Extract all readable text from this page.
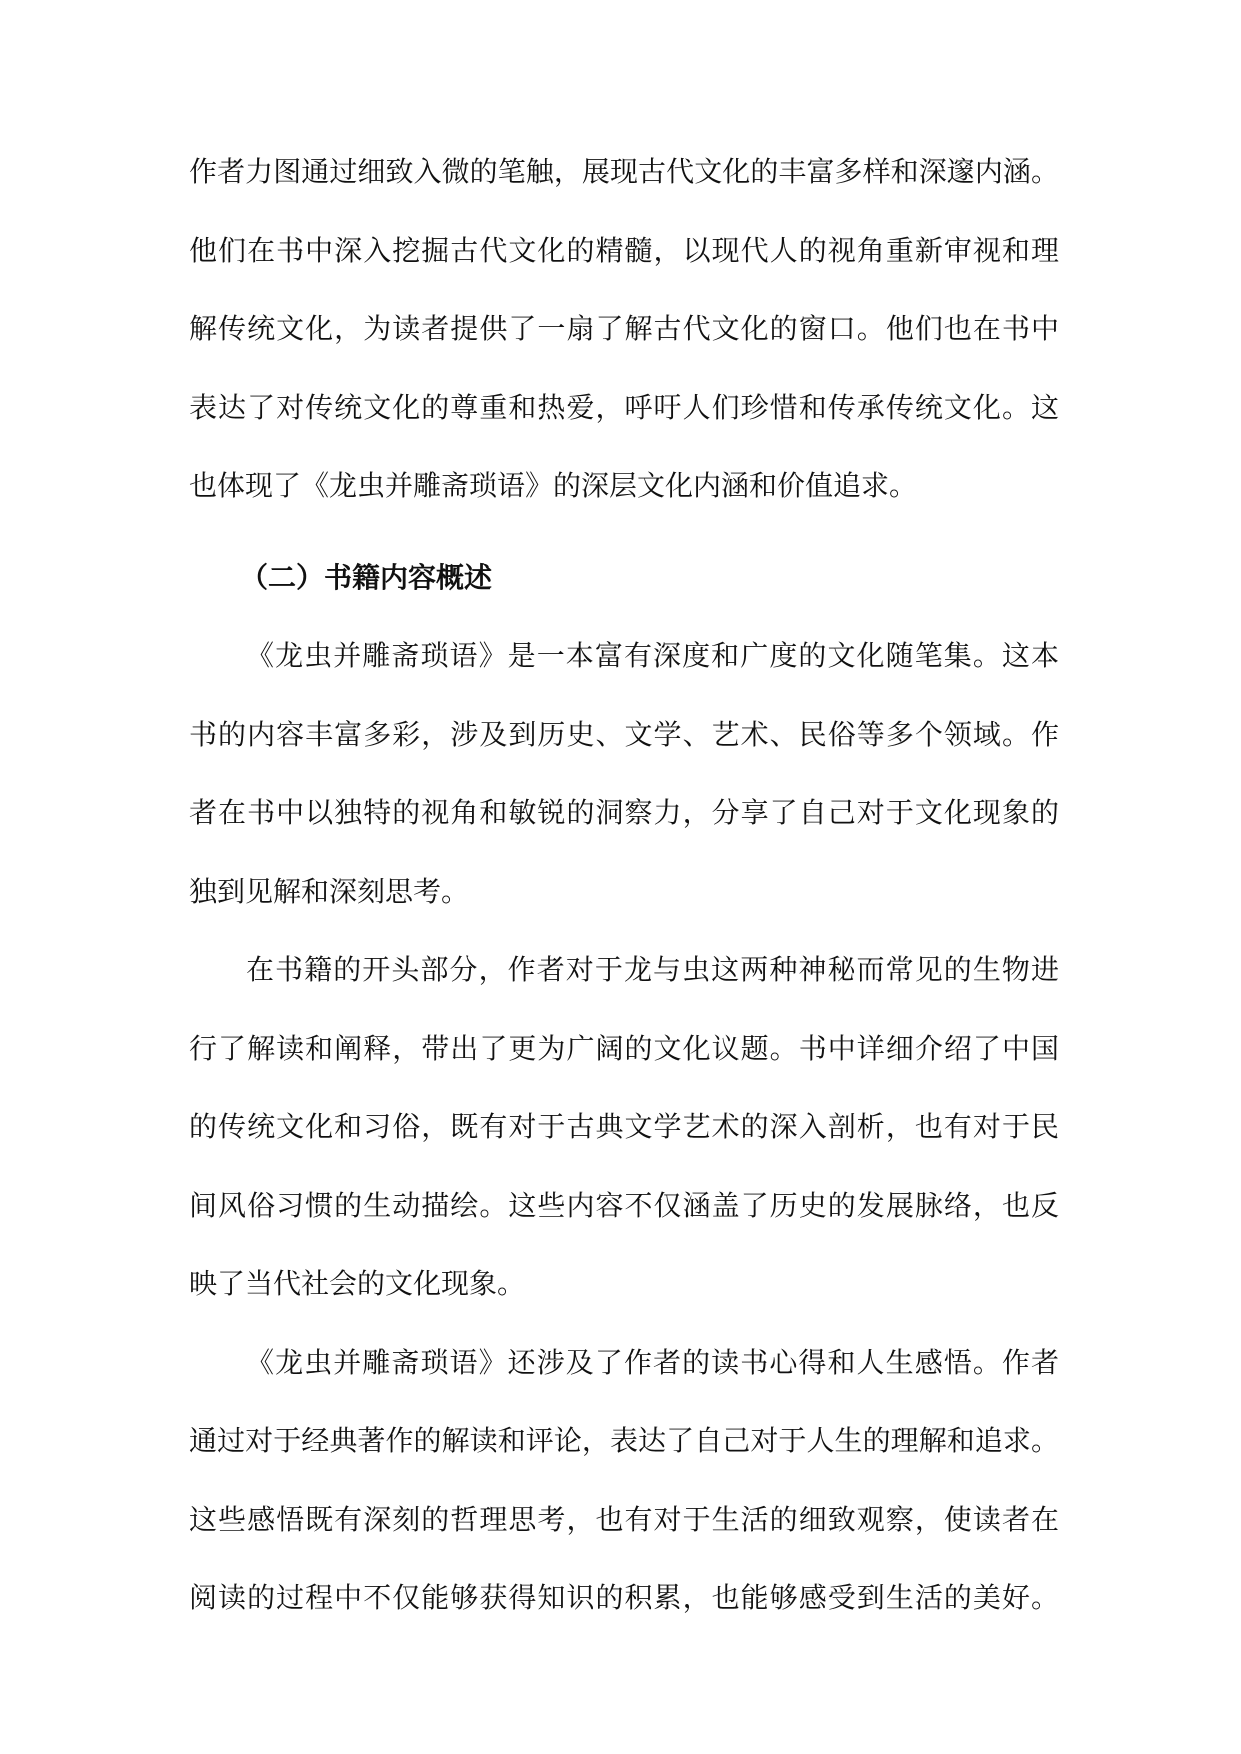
作者力图通过细致入微的笔触，展现古代文化的丰富多样和深邃内涵。
他们在书中深入挖掘古代文化的精髓，以现代人的视角重新审视和理
解传统文化，为读者提供了一扇了解古代文化的窗口。他们也在书中
表达了对传统文化的尊重和热爱，呼吁人们珍惜和传承传统文化。这
也体现了《龙虫并雕斋琐语》的深层文化内涵和价值追求。
（二）书籍内容概述
《龙虫并雕斋琐语》是一本富有深度和广度的文化随笔集。这本
书的内容丰富多彩，涉及到历史、文学、艺术、民俗等多个领域。作
者在书中以独特的视角和敏锐的洞察力，分享了自己对于文化现象的
独到见解和深刻思考。
在书籍的开头部分，作者对于龙与虫这两种神秘而常见的生物进
行了解读和阐释，带出了更为广阔的文化议题。书中详细介绍了中国
的传统文化和习俗，既有对于古典文学艺术的深入剖析，也有对于民
间风俗习惯的生动描绘。这些内容不仅涵盖了历史的发展脉络，也反
映了当代社会的文化现象。
《龙虫并雕斋琐语》还涉及了作者的读书心得和人生感悟。作者
通过对于经典著作的解读和评论，表达了自己对于人生的理解和追求。
这些感悟既有深刻的哲理思考，也有对于生活的细致观察，使读者在
阅读的过程中不仅能够获得知识的积累，也能够感受到生活的美好。
